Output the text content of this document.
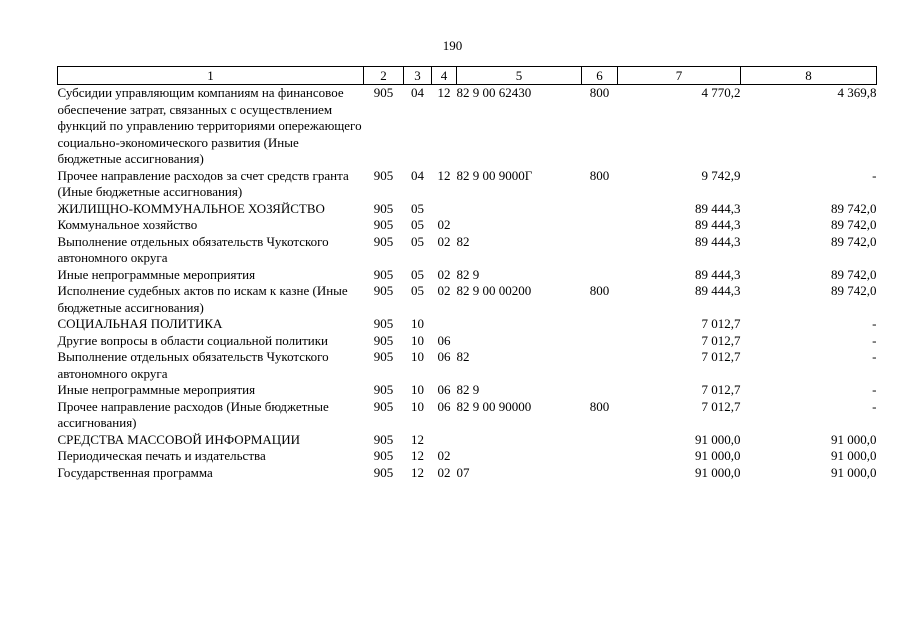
190
1	2	3	4	5	6	7	8
Субсидии управляющим компаниям на финансовое обеспечение затрат, связанных с осуществлением функций по управлению территориями опережающего социально-экономического развития (Иные бюджетные ассигнования)	905	04	12	82 9 00 62430	800	4 770,2	4 369,8
Прочее направление расходов за счет средств гранта (Иные бюджетные ассигнования)	905	04	12	82 9 00 9000Г	800	9 742,9	-
ЖИЛИЩНО-КОММУНАЛЬНОЕ ХОЗЯЙСТВО	905	05				89 444,3	89 742,0
Коммунальное хозяйство	905	05	02			89 444,3	89 742,0
Выполнение отдельных обязательств Чукотского автономного округа	905	05	02	82		89 444,3	89 742,0
Иные непрограммные мероприятия	905	05	02	82 9		89 444,3	89 742,0
Исполнение судебных актов по искам к казне (Иные бюджетные ассигнования)	905	05	02	82 9 00 00200	800	89 444,3	89 742,0
СОЦИАЛЬНАЯ ПОЛИТИКА	905	10				7 012,7	-
Другие вопросы в области социальной политики	905	10	06			7 012,7	-
Выполнение отдельных обязательств Чукотского автономного округа	905	10	06	82		7 012,7	-
Иные непрограммные мероприятия	905	10	06	82 9		7 012,7	-
Прочее направление расходов (Иные бюджетные ассигнования)	905	10	06	82 9 00 90000	800	7 012,7	-
СРЕДСТВА МАССОВОЙ ИНФОРМАЦИИ	905	12				91 000,0	91 000,0
Периодическая печать и издательства	905	12	02			91 000,0	91 000,0
Государственная программа	905	12	02	07		91 000,0	91 000,0
